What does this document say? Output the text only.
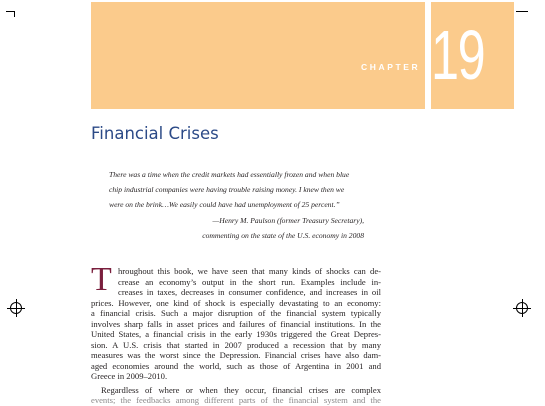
CHAPTER 19
Financial Crises
There was a time when the credit markets had essentially frozen and when blue
chip industrial companies were having trouble raising money. I knew then we
were on the brink…We easily could have had unemployment of 25 percent.”
—Henry M. Paulson (former Treasury Secretary),
commenting on the state of the U.S. economy in 2008
T hroughout this book, we have seen that many kinds of shocks can de-
crease an economy’s output in the short run. Examples include in-
creases in taxes, decreases in consumer confidence, and increases in oil
prices. However, one kind of shock is especially devastating to an economy:
a financial crisis. Such a major disruption of the financial system typically
involves sharp falls in asset prices and failures of financial institutions. In the
United States, a financial crisis in the early 1930s triggered the Great Depres-
sion. A U.S. crisis that started in 2007 produced a recession that by many
measures was the worst since the Depression. Financial crises have also dam-
aged economies around the world, such as those of Argentina in 2001 and
Greece in 2009–2010.
Regardless of where or when they occur, financial crises are complex
events; the feedbacks among different parts of the financial system and the
